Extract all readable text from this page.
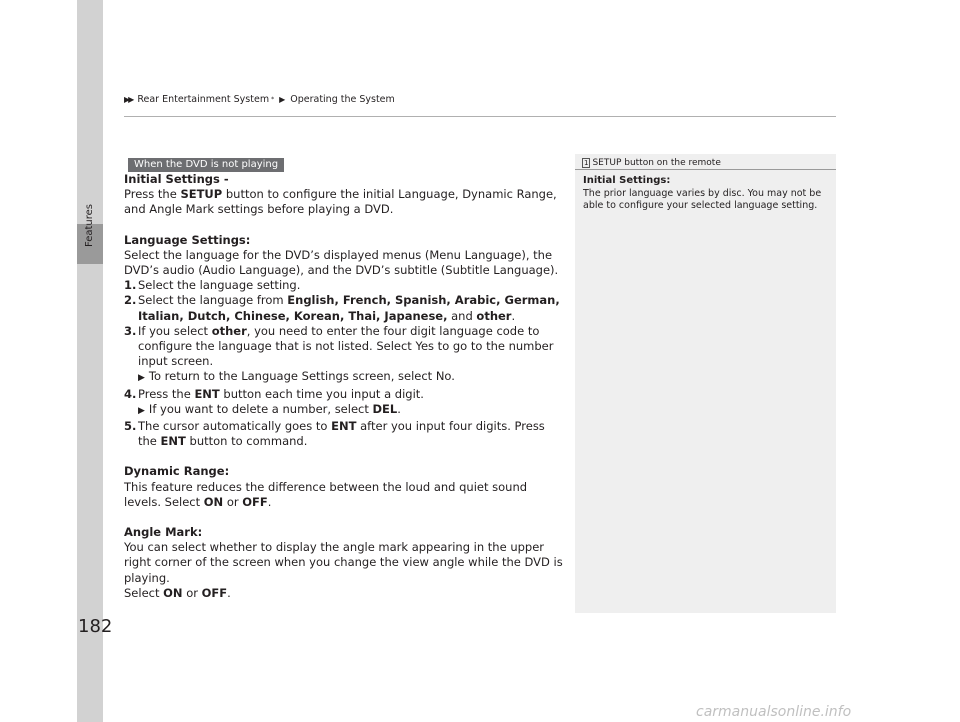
Features
▶▶ Rear Entertainment System * ▶ Operating the System
When the DVD is not playing
Initial Settings -

Press the SETUP button to configure the initial Language, Dynamic Range, and Angle Mark settings before playing a DVD.

Language Settings:

Select the language for the DVD’s displayed menus (Menu Language), the DVD’s audio (Audio Language), and the DVD’s subtitle (Subtitle Language).

1. Select the language setting.
2. Select the language from English, French, Spanish, Arabic, German, Italian, Dutch, Chinese, Korean, Thai, Japanese, and other.
3. If you select other, you need to enter the four digit language code to configure the language that is not listed. Select Yes to go to the number input screen.
▶ To return to the Language Settings screen, select No.
4. Press the ENT button each time you input a digit.
▶ If you want to delete a number, select DEL.
5. The cursor automatically goes to ENT after you input four digits. Press the ENT button to command.
Dynamic Range:

This feature reduces the difference between the loud and quiet sound levels. Select ON or OFF.

Angle Mark:

You can select whether to display the angle mark appearing in the upper right corner of the screen when you change the view angle while the DVD is playing.

Select ON or OFF.

1 SETUP button on the remote
Initial Settings:
The prior language varies by disc. You may not be able to configure your selected language setting.
182
carmanualsonline.info
